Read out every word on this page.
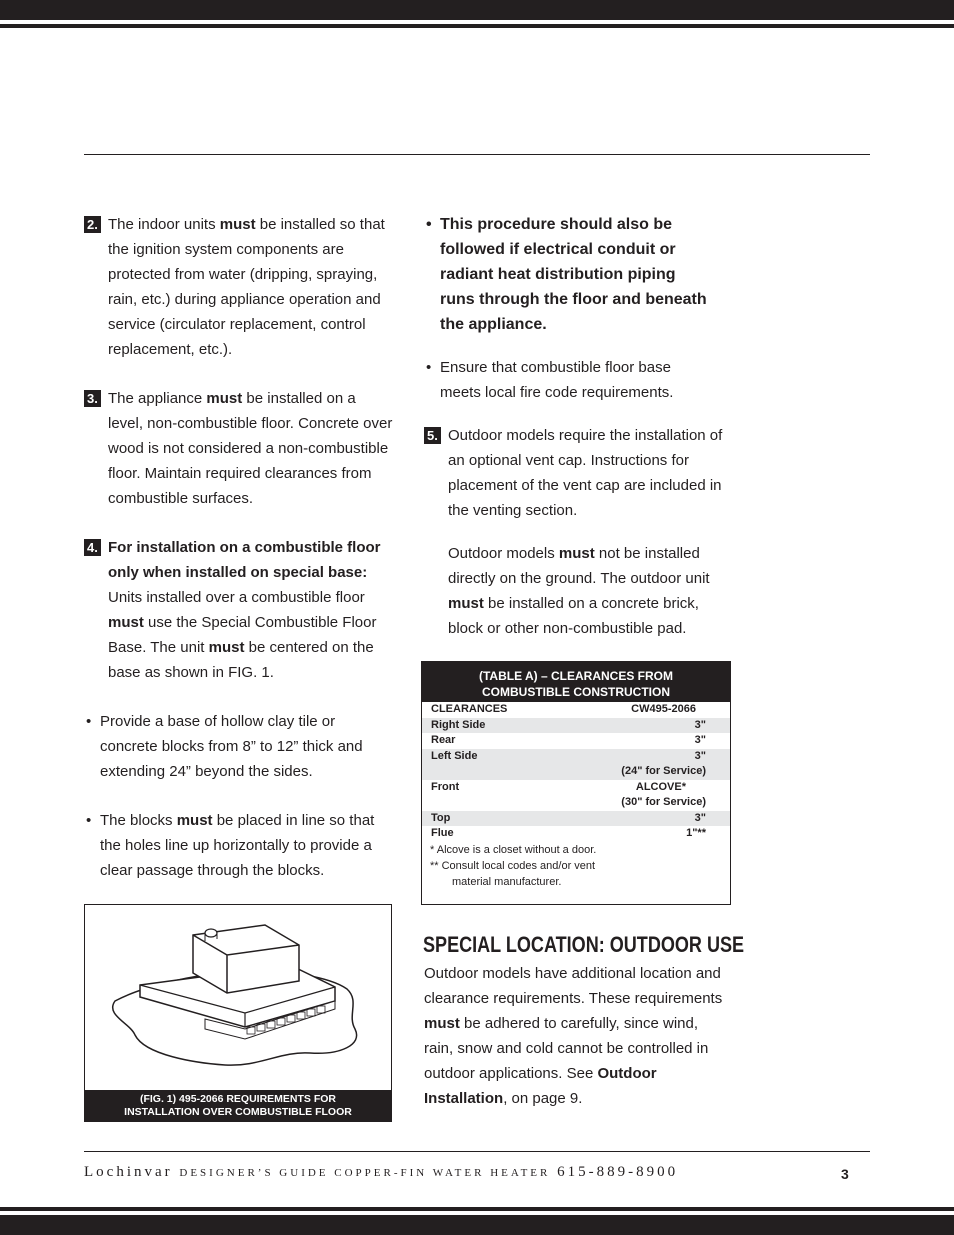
2. The indoor units must be installed so that the ignition system components are protected from water (dripping, spraying, rain, etc.) during appliance operation and service (circulator replacement, control replacement, etc.).
3. The appliance must be installed on a level, non-combustible floor. Concrete over wood is not considered a non-combustible floor. Maintain required clearances from combustible surfaces.
4. For installation on a combustible floor only when installed on special base: Units installed over a combustible floor must use the Special Combustible Floor Base. The unit must be centered on the base as shown in FIG. 1.
• Provide a base of hollow clay tile or concrete blocks from 8” to 12” thick and extending 24” beyond the sides.
• The blocks must be placed in line so that the holes line up horizontally to provide a clear passage through the blocks.
(FIG. 1) 495-2066 REQUIREMENTS FOR
INSTALLATION OVER COMBUSTIBLE FLOOR
• This procedure should also be followed if electrical conduit or radiant heat distribution piping runs through the floor and beneath the appliance.
• Ensure that combustible floor base meets local fire code requirements.
5. Outdoor models require the installation of an optional vent cap. Instructions for placement of the vent cap are included in the venting section.
Outdoor models must not be installed directly on the ground. The outdoor unit must be installed on a concrete brick, block or other non-combustible pad.
(TABLE A) – CLEARANCES FROM
COMBUSTIBLE CONSTRUCTION
CLEARANCES	CW495-2066
Right Side	3"
Rear	3"
Left Side	3"
(24" for Service)
Front	ALCOVE*
(30" for Service)
Top	3"
Flue	1"**
* Alcove is a closet without a door.
** Consult local codes and/or vent
material manufacturer.
SPECIAL LOCATION: OUTDOOR USE
Outdoor models have additional location and clearance requirements. These requirements must be adhered to carefully, since wind, rain, snow and cold cannot be controlled in outdoor applications. See Outdoor Installation, on page 9.
Lochinvar DESIGNER’S GUIDE COPPER-FIN WATER HEATER 615-889-8900	3
